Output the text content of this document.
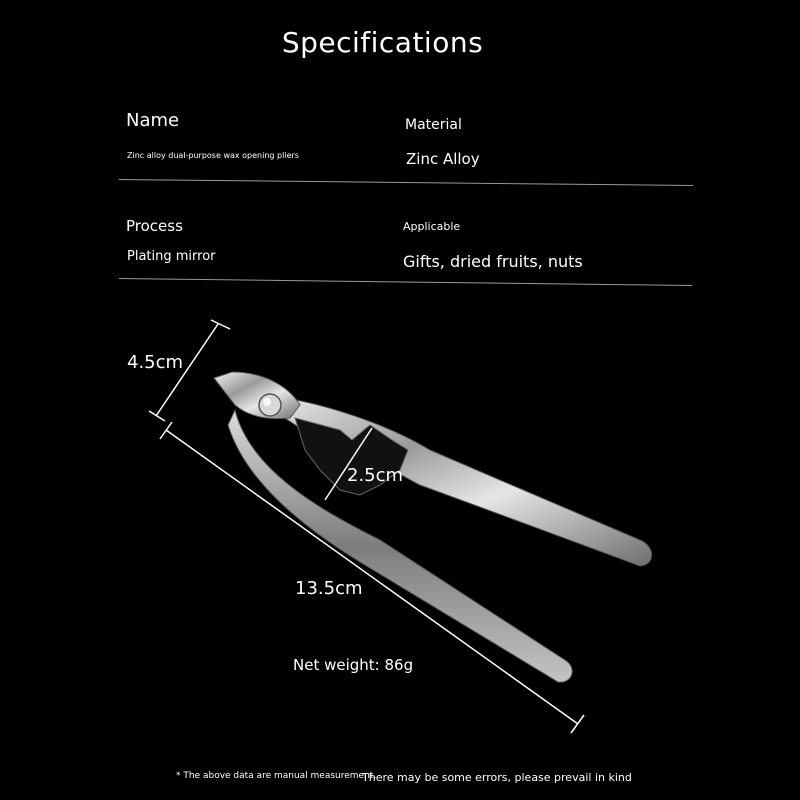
Specifications
Name
Zinc alloy dual-purpose wax opening pliers
Material
Zinc Alloy
Process
Plating mirror
Applicable
Gifts, dried fruits, nuts
4.5cm
2.5cm
13.5cm
Net weight: 86g
* The above data are manual measurement,
There may be some errors, please prevail in kind
